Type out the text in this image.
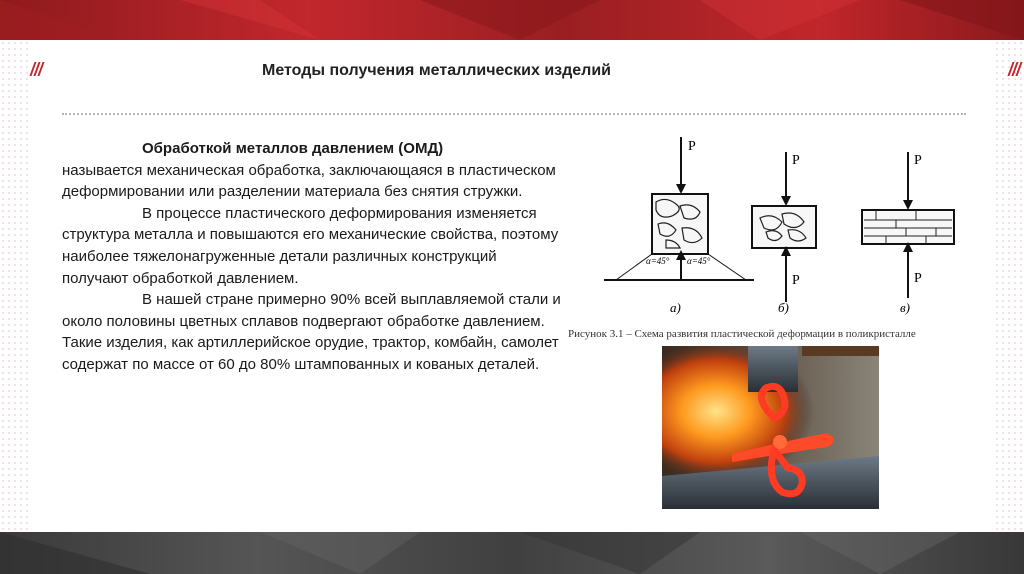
Методы получения металлических изделий

Обработкой металлов давлением (ОМД)

называется механическая обработка, заключающаяся в пластическом деформировании или разделении материала без снятия стружки.

В процессе пластического деформирования изменяется структура металла и повышаются его механические свойства, поэтому наиболее тяжелонагруженные детали различных конструкций получают обработкой давлением.

В нашей стране примерно 90% всей выплавляемой стали и около половины цветных сплавов подвергают обработке давлением. Такие изделия, как артиллерийское орудие, трактор, комбайн, самолет содержат по массе от 60 до 80% штампованных и кованых деталей.

P
α=45° α=45°
а)
P
P
б)
P
P
в)
Рисунок 3.1 – Схема развития пластической деформации в поликристалле
